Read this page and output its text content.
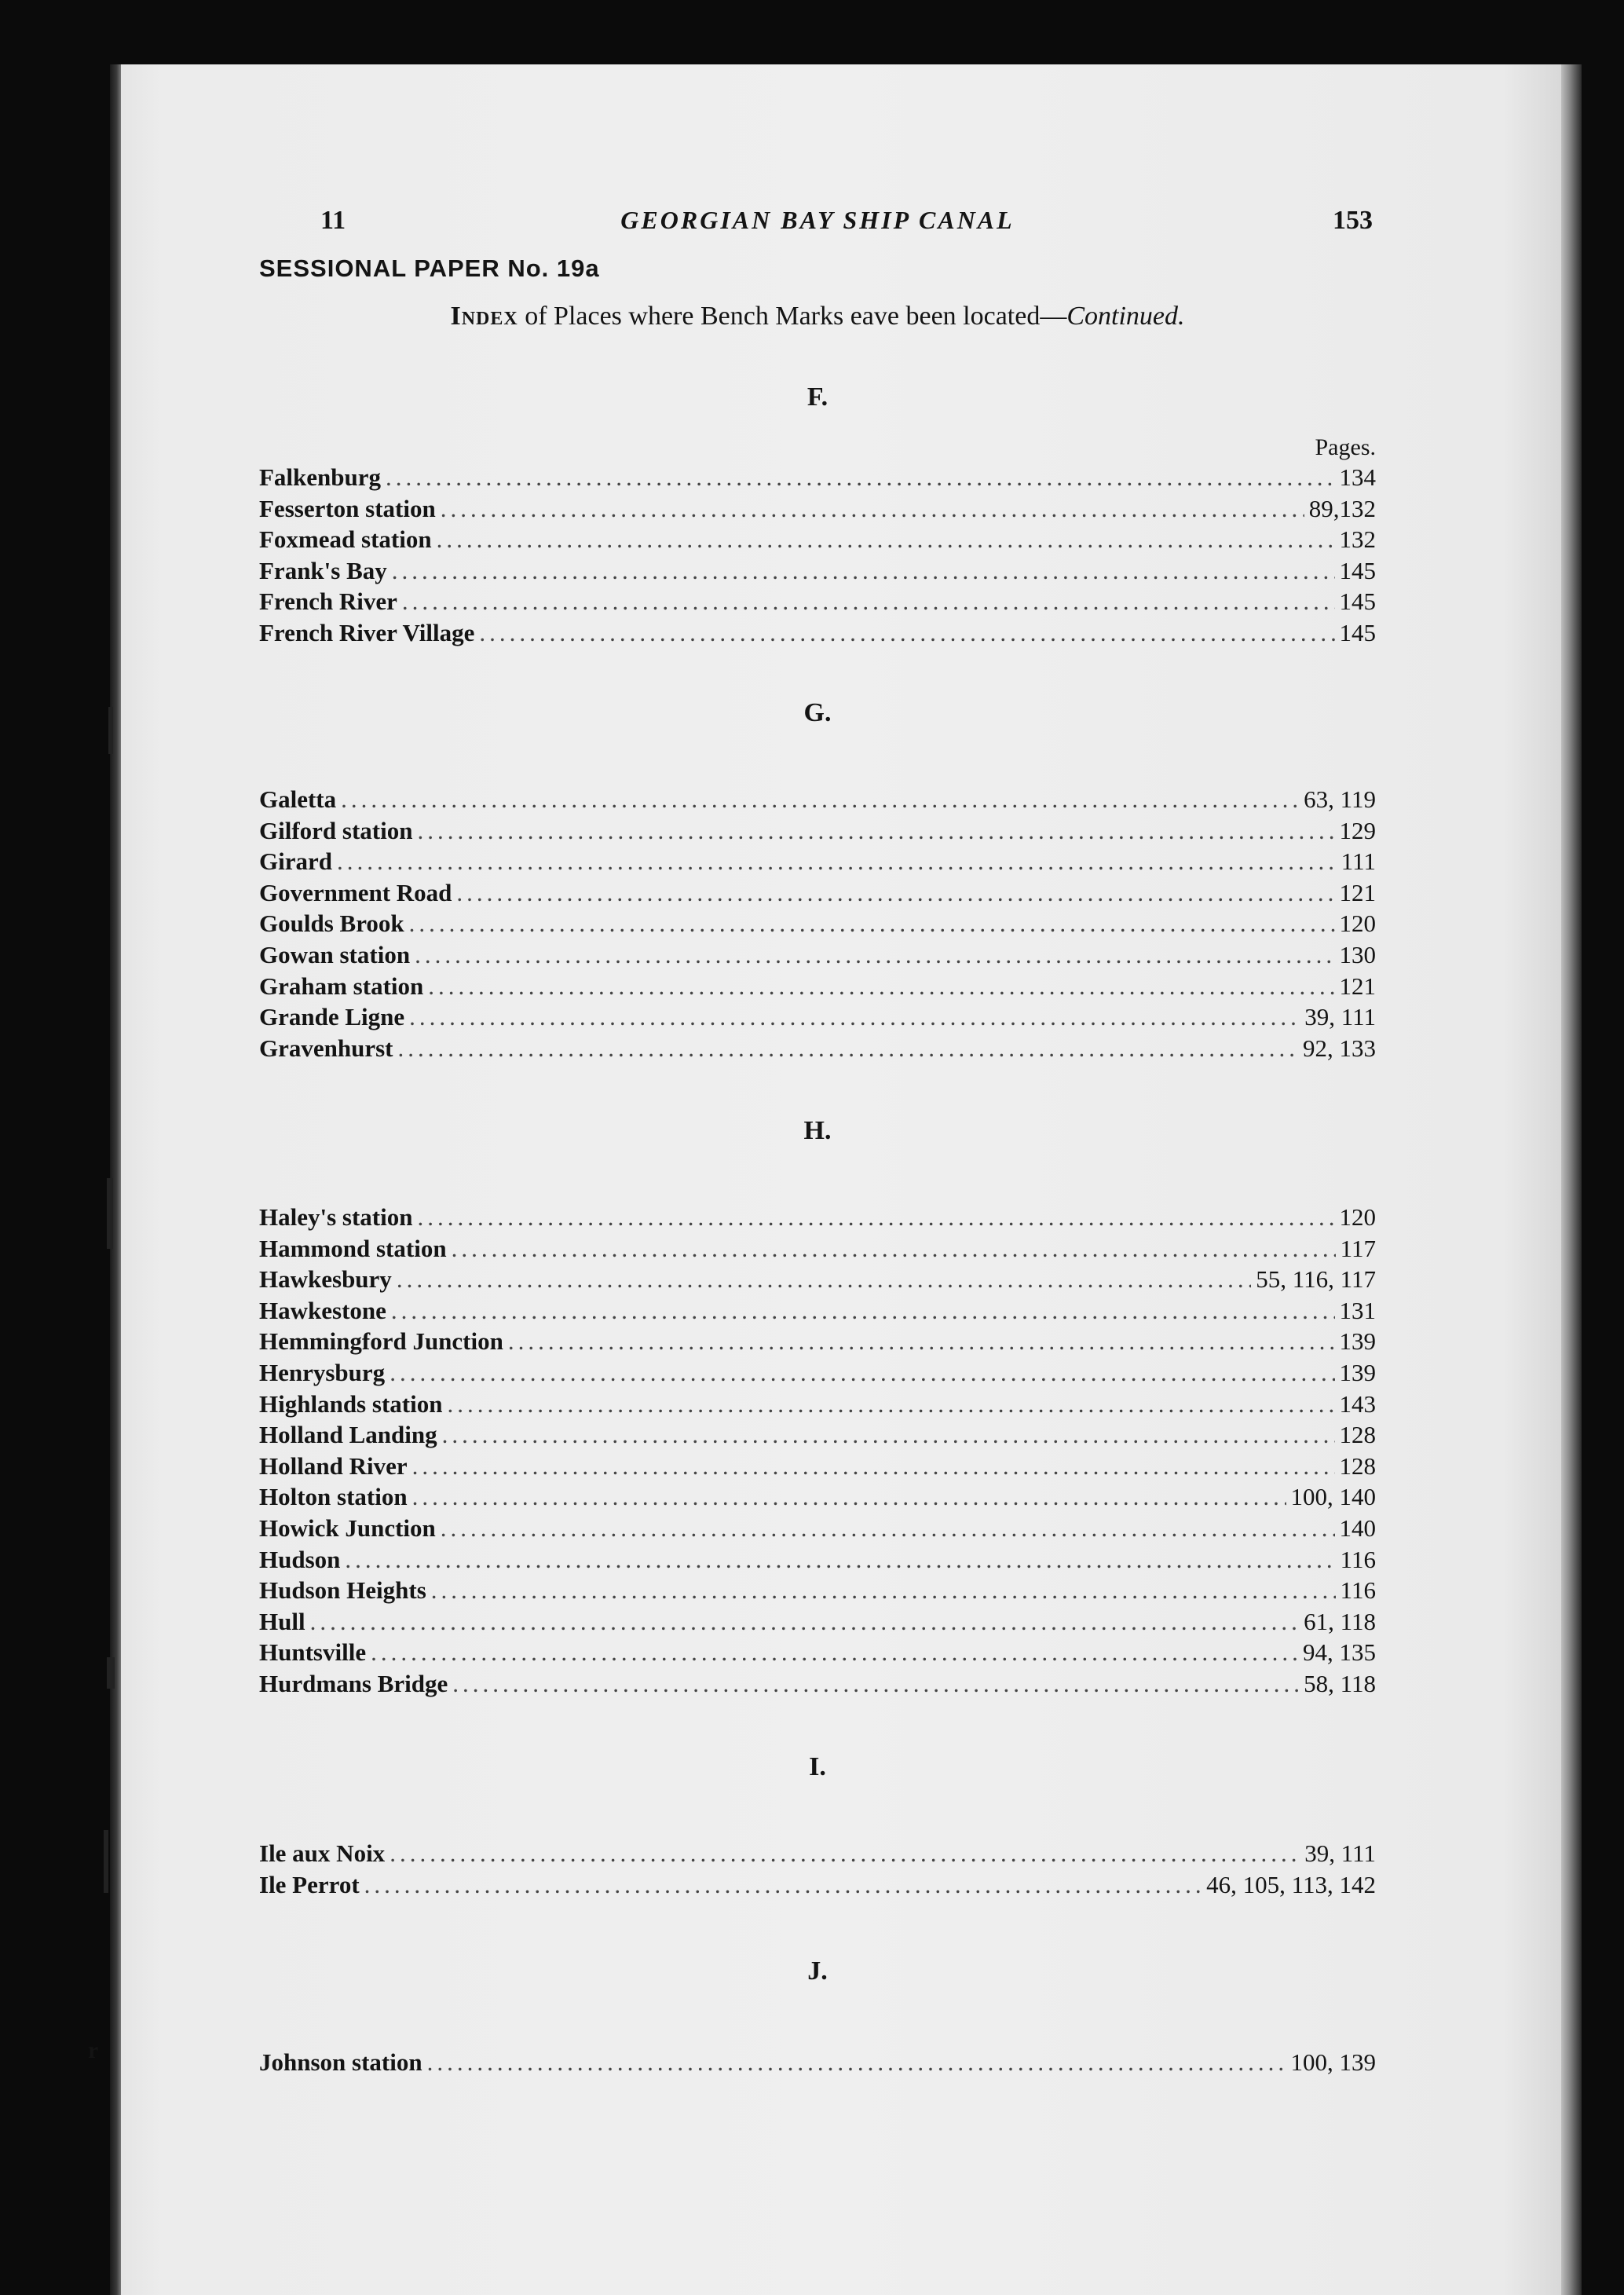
11	GEORGIAN BAY SHIP CANAL	153
SESSIONAL PAPER No. 19a
Index of Places where Bench Marks eave been located—Continued.
F.
Pages.
Falkenburg .....	134
Fesserton station .....	89,132
Foxmead station .....	132
Frank's Bay .....	145
French River .....	145
French River Village .....	145
G.
Galetta .....	63, 119
Gilford station .....	129
Girard .....	111
Government Road .....	121
Goulds Brook .....	120
Gowan station .....	130
Graham station .....	121
Grande Ligne .....	39, 111
Gravenhurst .....	92, 133
H.
Haley's station .....	120
Hammond station .....	117
Hawkesbury .....	55, 116, 117
Hawkestone .....	131
Hemmingford Junction .....	139
Henrysburg .....	139
Highlands station .....	143
Holland Landing .....	128
Holland River .....	128
Holton station .....	100, 140
Howick Junction .....	140
Hudson .....	116
Hudson Heights .....	116
Hull .....	61, 118
Huntsville .....	94, 135
Hurdmans Bridge .....	58, 118
I.
Ile aux Noix .....	39, 111
Ile Perrot .....	46, 105, 113, 142
J.
Johnson station .....	100, 139
r
